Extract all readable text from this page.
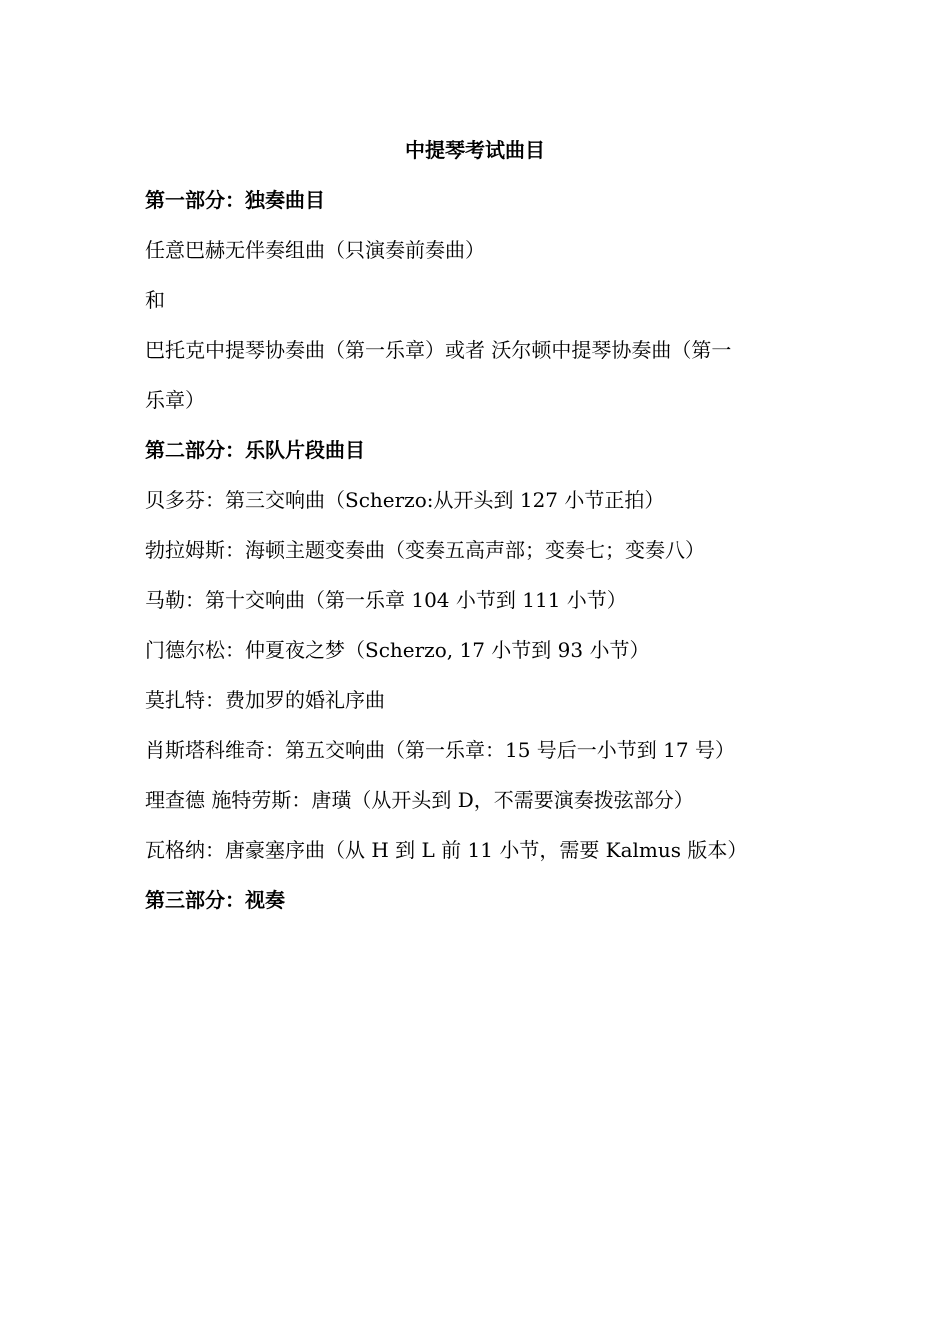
中提琴考试曲目

第一部分：独奏曲目

任意巴赫无伴奏组曲（只演奏前奏曲）

和

巴托克中提琴协奏曲（第一乐章）或者 沃尔顿中提琴协奏曲（第一

乐章）

第二部分：乐队片段曲目

贝多芬：第三交响曲（Scherzo:从开头到 127 小节正拍）

勃拉姆斯：海顿主题变奏曲（变奏五高声部；变奏七；变奏八）

马勒：第十交响曲（第一乐章 104 小节到 111 小节）

门德尔松：仲夏夜之梦（Scherzo, 17 小节到 93 小节）

莫扎特：费加罗的婚礼序曲

肖斯塔科维奇：第五交响曲（第一乐章：15 号后一小节到 17 号）

理查德 施特劳斯：唐璜（从开头到 D，不需要演奏拨弦部分）

瓦格纳：唐豪塞序曲（从 H 到 L 前 11 小节，需要 Kalmus 版本）

第三部分：视奏
